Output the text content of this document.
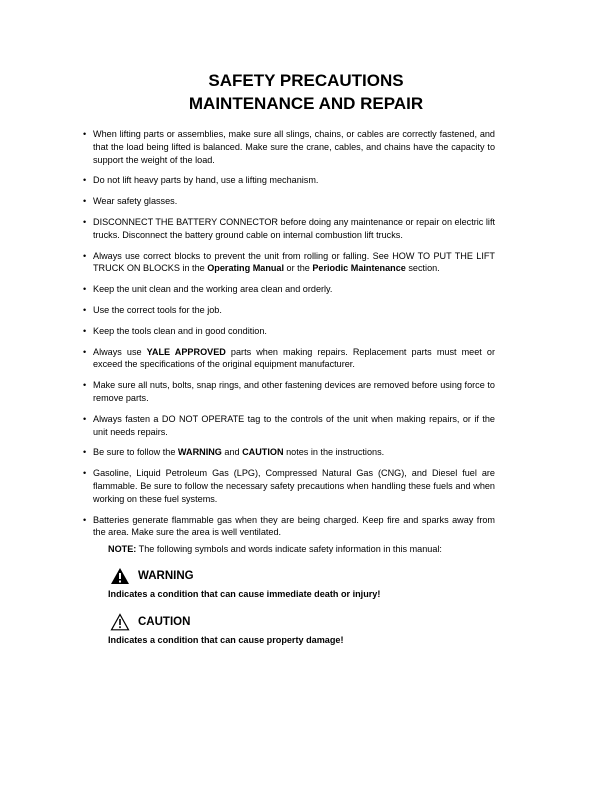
SAFETY PRECAUTIONS
MAINTENANCE AND REPAIR
• When lifting parts or assemblies, make sure all slings, chains, or cables are correctly fastened, and that the load being lifted is balanced. Make sure the crane, cables, and chains have the capacity to support the weight of the load.
• Do not lift heavy parts by hand, use a lifting mechanism.
• Wear safety glasses.
• DISCONNECT THE BATTERY CONNECTOR before doing any maintenance or repair on electric lift trucks. Disconnect the battery ground cable on internal combustion lift trucks.
• Always use correct blocks to prevent the unit from rolling or falling. See HOW TO PUT THE LIFT TRUCK ON BLOCKS in the Operating Manual or the Periodic Maintenance section.
• Keep the unit clean and the working area clean and orderly.
• Use the correct tools for the job.
• Keep the tools clean and in good condition.
• Always use YALE APPROVED parts when making repairs. Replacement parts must meet or exceed the specifications of the original equipment manufacturer.
• Make sure all nuts, bolts, snap rings, and other fastening devices are removed before using force to remove parts.
• Always fasten a DO NOT OPERATE tag to the controls of the unit when making repairs, or if the unit needs repairs.
• Be sure to follow the WARNING and CAUTION notes in the instructions.
• Gasoline, Liquid Petroleum Gas (LPG), Compressed Natural Gas (CNG), and Diesel fuel are flammable. Be sure to follow the necessary safety precautions when handling these fuels and when working on these fuel systems.
• Batteries generate flammable gas when they are being charged. Keep fire and sparks away from the area. Make sure the area is well ventilated.
NOTE: The following symbols and words indicate safety information in this manual:
WARNING
Indicates a condition that can cause immediate death or injury!
CAUTION
Indicates a condition that can cause property damage!
